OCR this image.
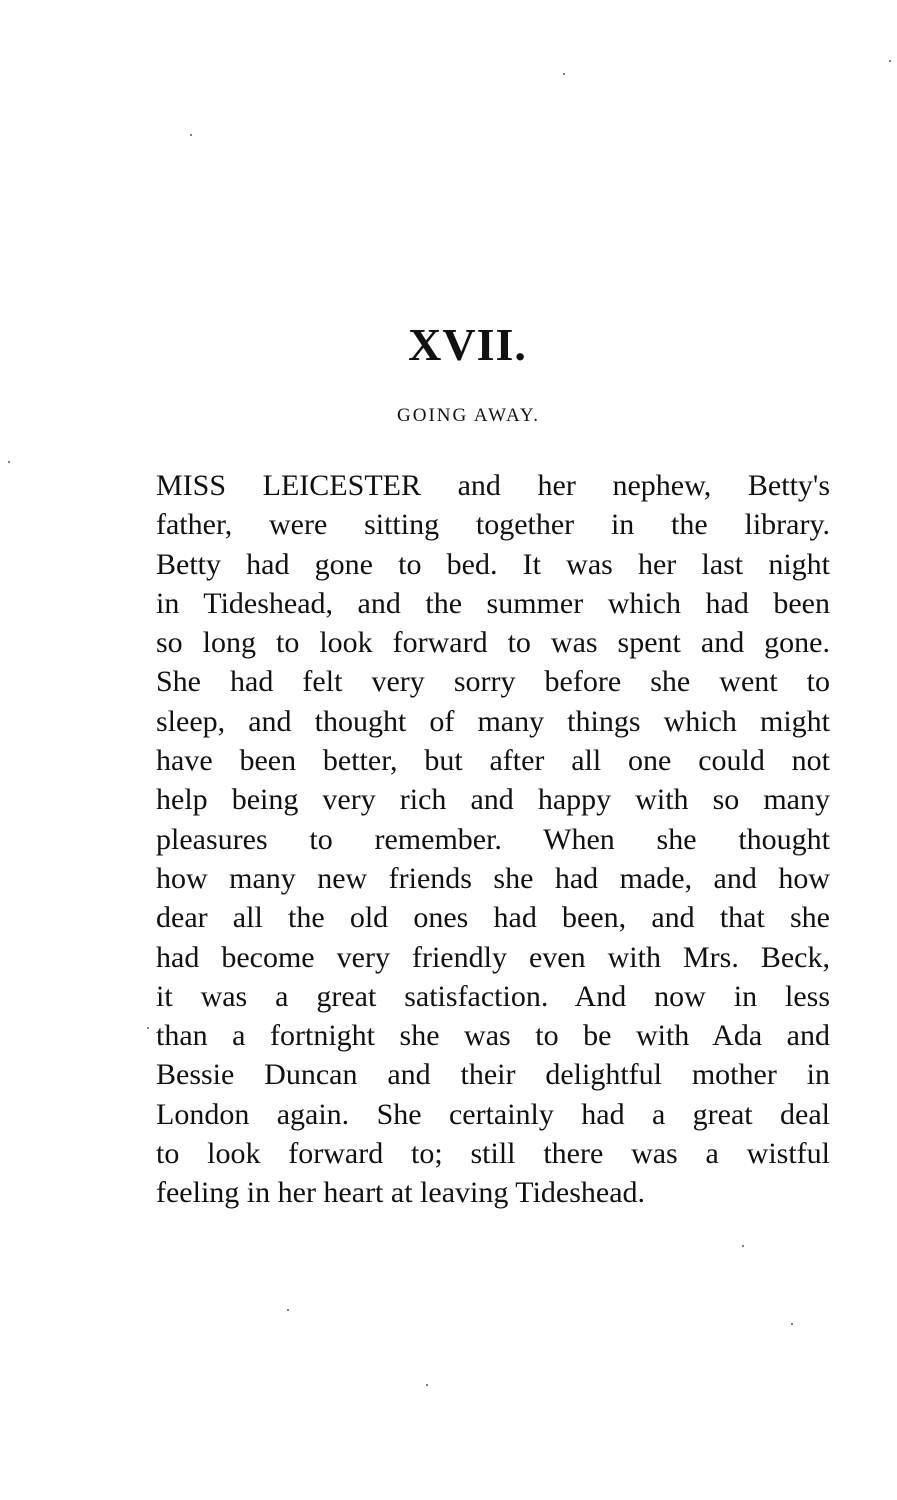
XVII.
GOING AWAY.
MISS LEICESTER and her nephew, Betty's
father, were sitting together in the library.
Betty had gone to bed. It was her last night
in Tideshead, and the summer which had been
so long to look forward to was spent and gone.
She had felt very sorry before she went to
sleep, and thought of many things which might
have been better, but after all one could not
help being very rich and happy with so many
pleasures to remember. When she thought
how many new friends she had made, and how
dear all the old ones had been, and that she
had become very friendly even with Mrs. Beck,
it was a great satisfaction. And now in less
than a fortnight she was to be with Ada and
Bessie Duncan and their delightful mother in
London again. She certainly had a great deal
to look forward to; still there was a wistful
feeling in her heart at leaving Tideshead.
